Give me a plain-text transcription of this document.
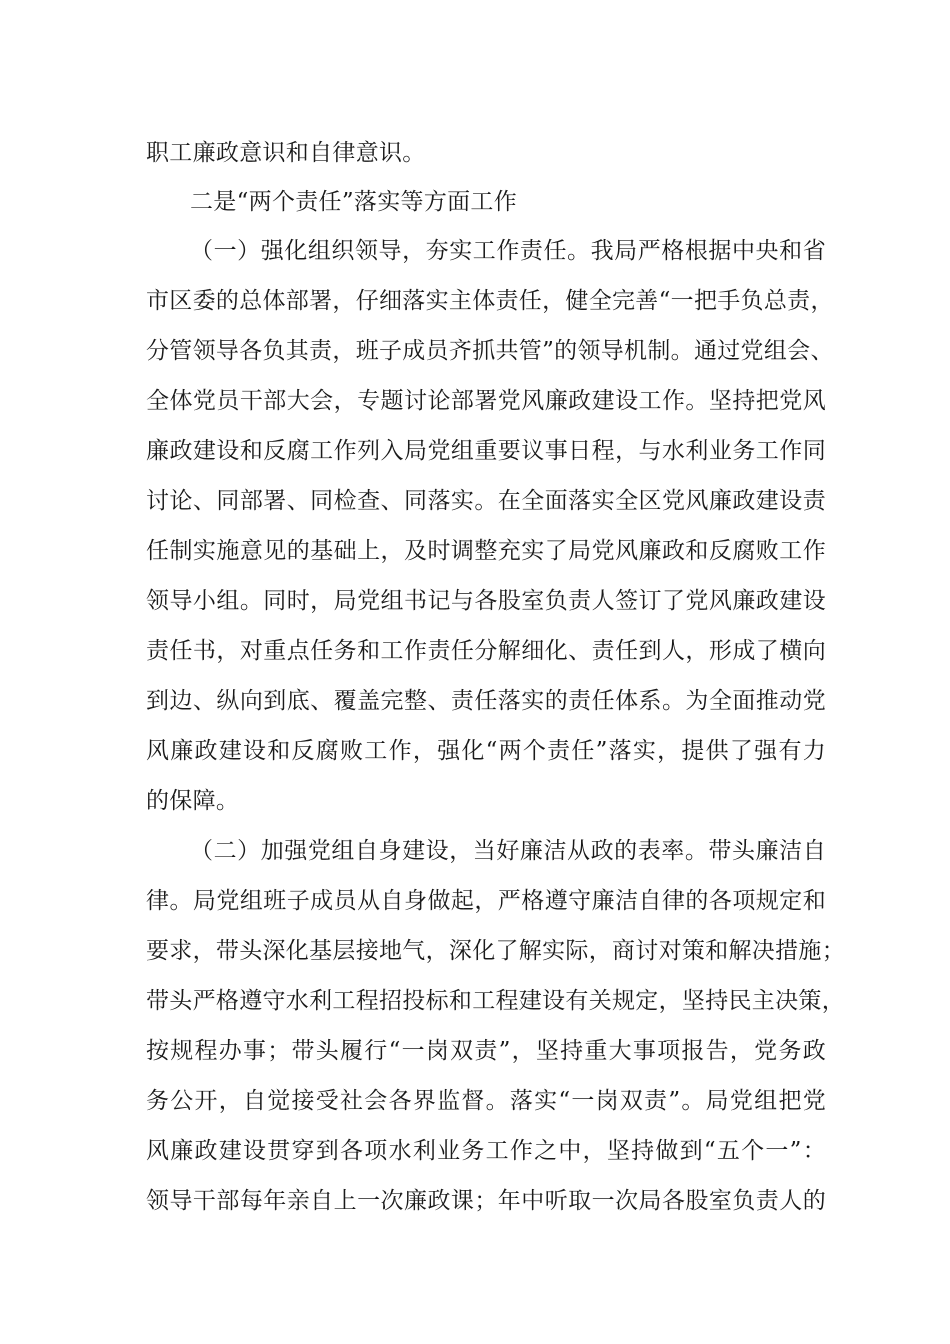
职工廉政意识和自律意识。
二是“两个责任”落实等方面工作
（一）强化组织领导，夯实工作责任。我局严格根据中央和省
市区委的总体部署，仔细落实主体责任，健全完善“一把手负总责，
分管领导各负其责，班子成员齐抓共管”的领导机制。通过党组会、
全体党员干部大会，专题讨论部署党风廉政建设工作。坚持把党风
廉政建设和反腐工作列入局党组重要议事日程，与水利业务工作同
讨论、同部署、同检查、同落实。在全面落实全区党风廉政建设责
任制实施意见的基础上，及时调整充实了局党风廉政和反腐败工作
领导小组。同时，局党组书记与各股室负责人签订了党风廉政建设
责任书，对重点任务和工作责任分解细化、责任到人，形成了横向
到边、纵向到底、覆盖完整、责任落实的责任体系。为全面推动党
风廉政建设和反腐败工作，强化“两个责任”落实，提供了强有力
的保障。
（二）加强党组自身建设，当好廉洁从政的表率。带头廉洁自
律。局党组班子成员从自身做起，严格遵守廉洁自律的各项规定和
要求，带头深化基层接地气，深化了解实际，商讨对策和解决措施；
带头严格遵守水利工程招投标和工程建设有关规定，坚持民主决策，
按规程办事；带头履行“一岗双责”，坚持重大事项报告，党务政
务公开，自觉接受社会各界监督。落实“一岗双责”。局党组把党
风廉政建设贯穿到各项水利业务工作之中，坚持做到“五个一”：
领导干部每年亲自上一次廉政课；年中听取一次局各股室负责人的
